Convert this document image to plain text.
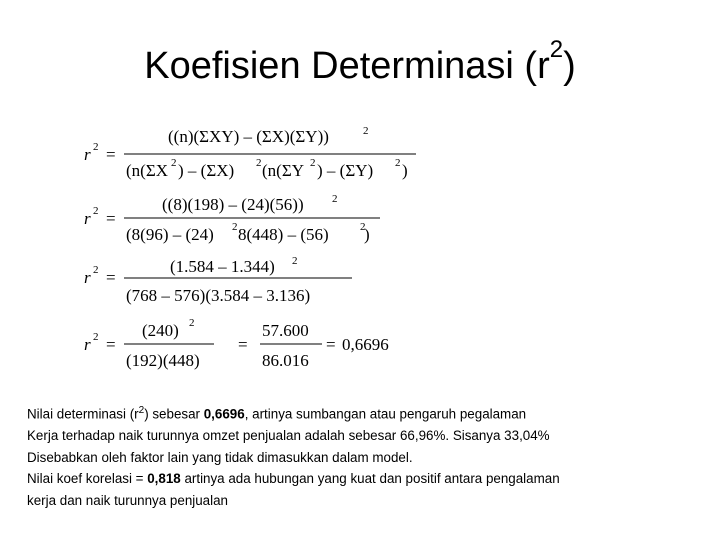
Koefisien Determinasi $(r^2)$
r 2 =
((n)(ΣXY) – (ΣX)(ΣY))	2
(n(ΣX 2 ) – (ΣX) 2 (n(ΣY 2 ) – (ΣY) 2 )
r 2 =
((8)(198) – (24)(56))	2
(8(96) – (24) 2 8(448) – (56)	2
)
r 2 =
(1.584 – 1.344) 2
(768 – 576)(3.584 – 3.136)
r 2 =
(240) 2
(192)(448)
=
57.600
86.016
= 0,6696
Nilai determinasi $(r^2)$ sebesar 0,6696, artinya sumbangan atau pengaruh pegalaman
Kerja terhadap naik turunnya omzet penjualan adalah sebesar 66,96%. Sisanya 33,04%
Disebabkan oleh faktor lain yang tidak dimasukkan dalam model.
Nilai koef korelasi = 0,818 artinya ada hubungan yang kuat dan positif antara pengalaman
kerja dan naik turunnya penjualan
